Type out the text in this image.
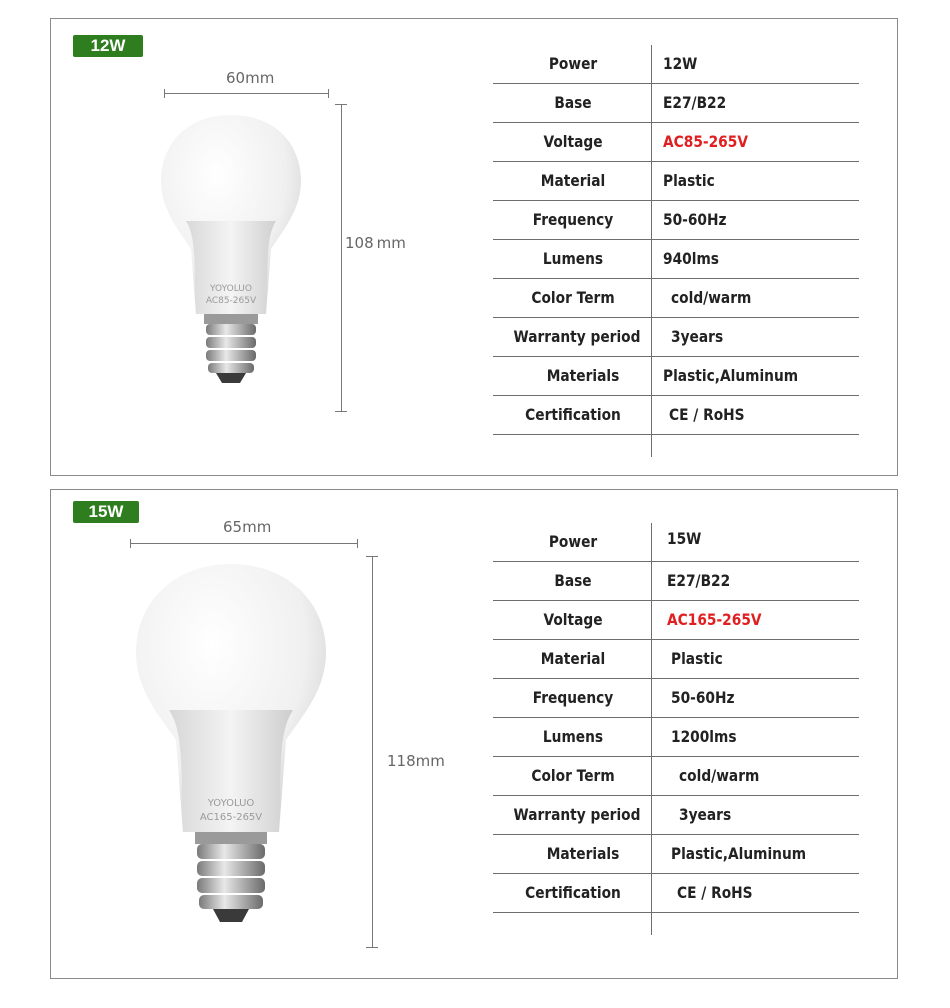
12W
60mm
108 mm
YOYOLUO
AC85-265V
Power	12W
Base	E27/B22
Voltage	AC85-265V
Material	Plastic
Frequency	50-60Hz
Lumens	940lms
Color Term	cold/warm
Warranty period	3years
Materials	Plastic,Aluminum
Certification	CE / RoHS
15W
65mm
118mm
YOYOLUO
AC165-265V
Power	15W
Base	E27/B22
Voltage	AC165-265V
Material	Plastic
Frequency	50-60Hz
Lumens	1200lms
Color Term	cold/warm
Warranty period	3years
Materials	Plastic,Aluminum
Certification	CE / RoHS
